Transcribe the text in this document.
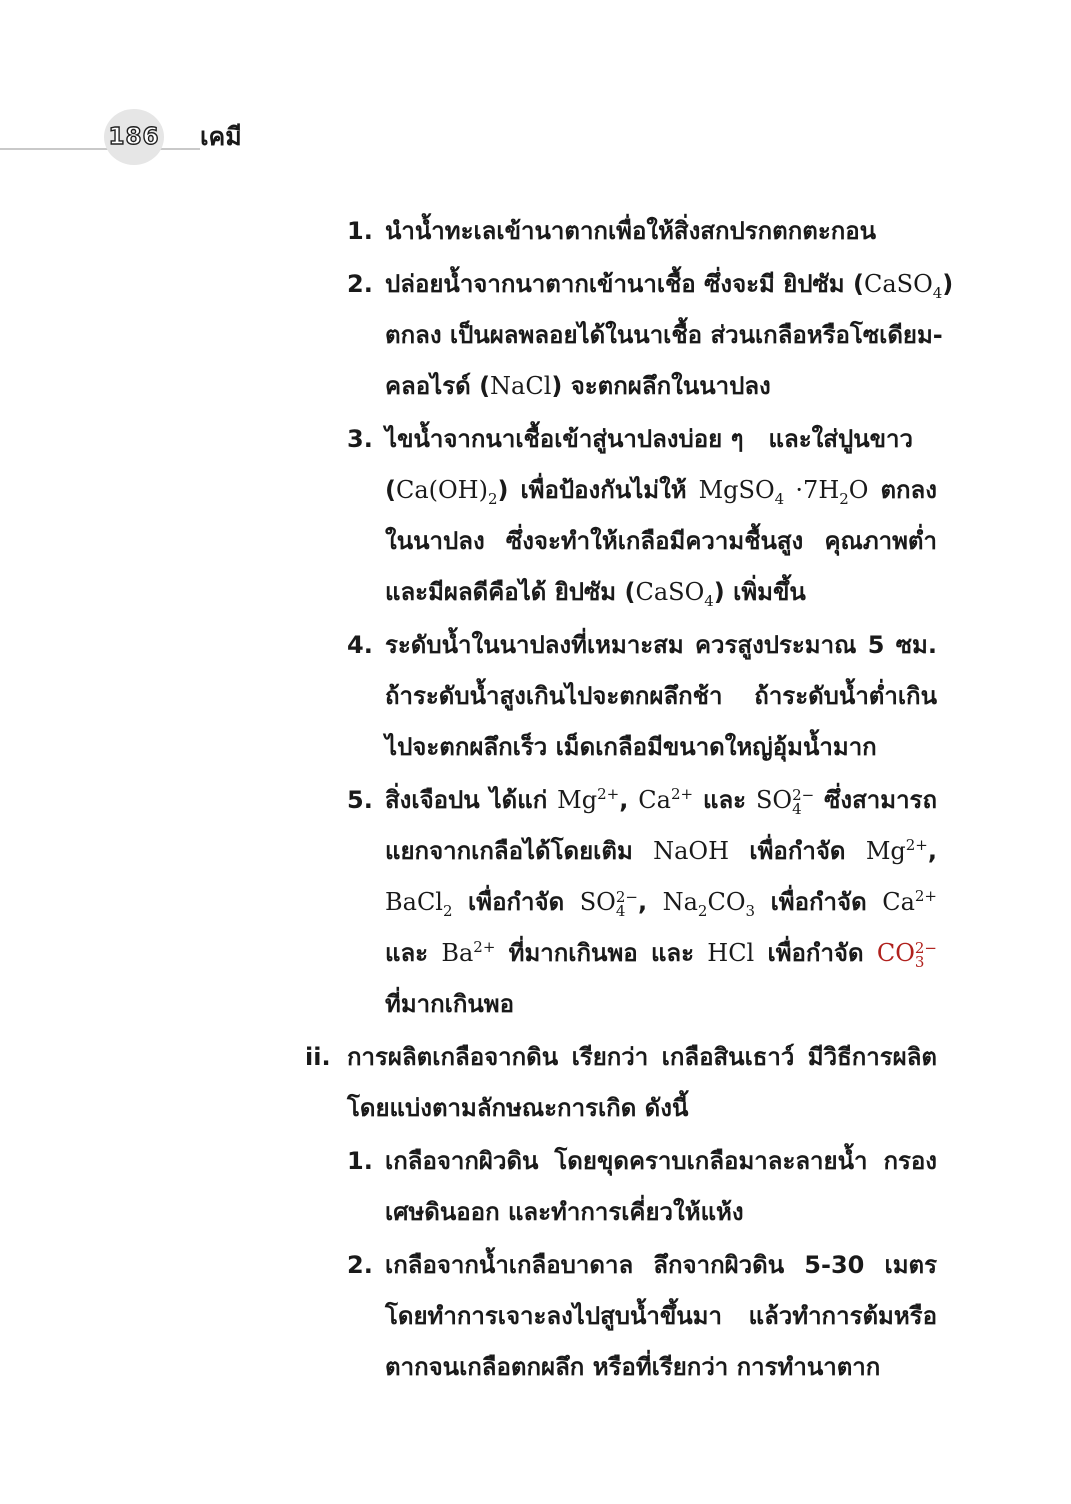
186 เคมี
1. นำน้ำทะเลเข้านาตากเพื่อให้สิ่งสกปรกตกตะกอน
2. ปล่อยน้ำจากนาตากเข้านาเชื้อ ซึ่งจะมี ยิปซัม (CaSO$_4$)
ตกลง เป็นผลพลอยได้ในนาเชื้อ ส่วนเกลือหรือโซเดียม-
คลอไรด์ (NaCl) จะตกผลึกในนาปลง
3. ไขน้ำจากนาเชื้อเข้าสู่นาปลงบ่อย ๆ   และใส่ปูนขาว
$(Ca(OH)_2)$ เพื่อป้องกันไม่ให้ MgSO$_4$ $\cdot 7H_2O$ ตกลง
ในนาปลง ซึ่งจะทำให้เกลือมีความชื้นสูง คุณภาพต่ำ
และมีผลดีคือได้ ยิปซัม (CaSO$_4$) เพิ่มขึ้น
4. ระดับน้ำในนาปลงที่เหมาะสม ควรสูงประมาณ 5 ซม.
ถ้าระดับน้ำสูงเกินไปจะตกผลึกช้า ถ้าระดับน้ำต่ำเกิน
ไปจะตกผลึกเร็ว เม็ดเกลือมีขนาดใหญ่อุ้มน้ำมาก
5. สิ่งเจือปน ได้แก่ $Mg^{2+}$, $Ca^{2+}$ และ SO 2−
4 ซึ่งสามารถ
แยกจากเกลือได้โดยเติม NaOH เพื่อกำจัด $Mg^{2+}$,
BaCl$_2$ เพื่อกำจัด SO 2−
4 , $Na_2CO_3$ เพื่อกำจัด $Ca^{2+}$
และ $Ba^{2+}$ ที่มากเกินพอ และ HCl เพื่อกำจัด CO 2−
3
ที่มากเกินพอ
ii. การผลิตเกลือจากดิน เรียกว่า เกลือสินเธาว์ มีวิธีการผลิต
โดยแบ่งตามลักษณะการเกิด ดังนี้
1. เกลือจากผิวดิน โดยขุดคราบเกลือมาละลายน้ำ กรอง
เศษดินออก และทำการเคี่ยวให้แห้ง
2. เกลือจากน้ำเกลือบาดาล ลึกจากผิวดิน 5-30 เมตร
โดยทำการเจาะลงไปสูบน้ำขึ้นมา แล้วทำการต้มหรือ
ตากจนเกลือตกผลึก หรือที่เรียกว่า การทำนาตาก
